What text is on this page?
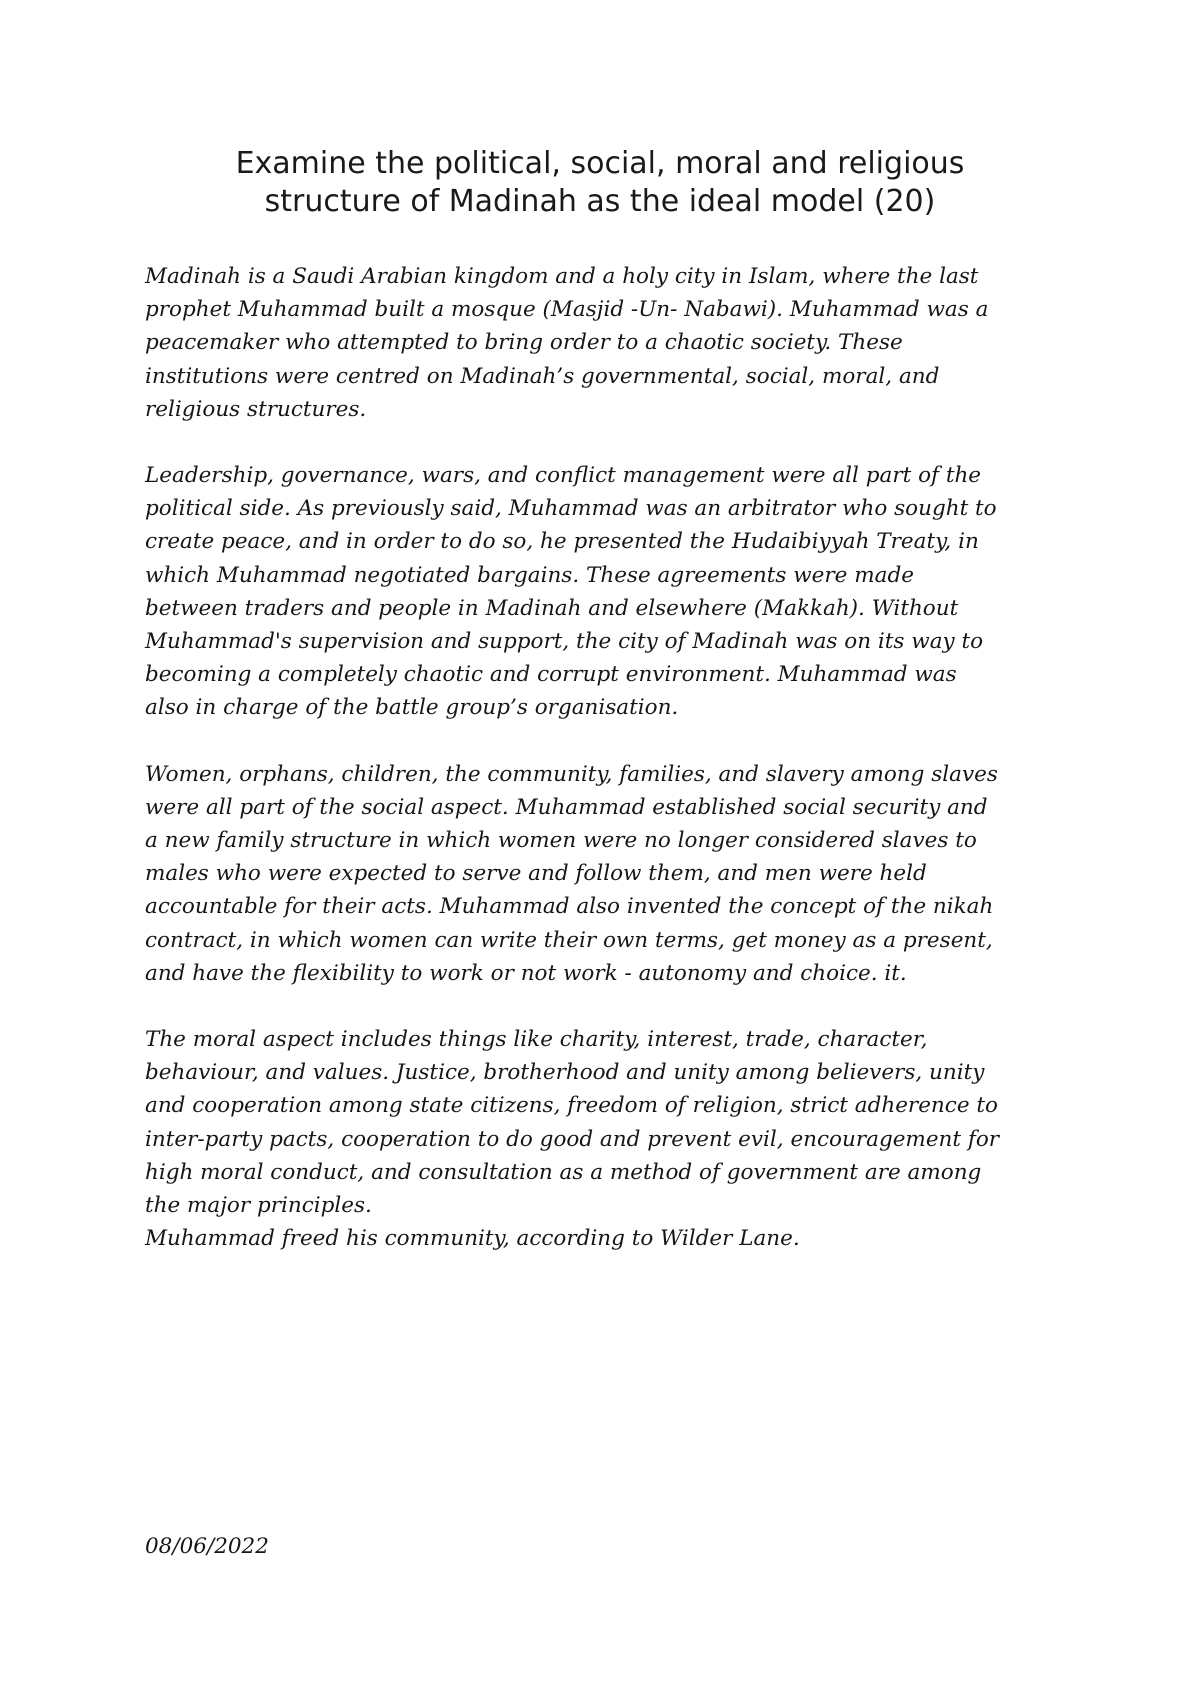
Examine the political, social, moral and religious
structure of Madinah as the ideal model (20)

Madinah is a Saudi Arabian kingdom and a holy city in Islam, where the last
prophet Muhammad built a mosque (Masjid -Un- Nabawi). Muhammad was a
peacemaker who attempted to bring order to a chaotic society. These
institutions were centred on Madinah’s governmental, social, moral, and
religious structures.

Leadership, governance, wars, and conflict management were all part of the
political side. As previously said, Muhammad was an arbitrator who sought to
create peace, and in order to do so, he presented the Hudaibiyyah Treaty, in
which Muhammad negotiated bargains. These agreements were made
between traders and people in Madinah and elsewhere (Makkah). Without
Muhammad's supervision and support, the city of Madinah was on its way to
becoming a completely chaotic and corrupt environment. Muhammad was
also in charge of the battle group’s organisation.

Women, orphans, children, the community, families, and slavery among slaves
were all part of the social aspect. Muhammad established social security and
a new family structure in which women were no longer considered slaves to
males who were expected to serve and follow them, and men were held
accountable for their acts. Muhammad also invented the concept of the nikah
contract, in which women can write their own terms, get money as a present,
and have the flexibility to work or not work - autonomy and choice. it.

The moral aspect includes things like charity, interest, trade, character,
behaviour, and values. Justice, brotherhood and unity among believers, unity
and cooperation among state citizens, freedom of religion, strict adherence to
inter-party pacts, cooperation to do good and prevent evil, encouragement for
high moral conduct, and consultation as a method of government are among
the major principles.

Muhammad freed his community, according to Wilder Lane.

08/06/2022
